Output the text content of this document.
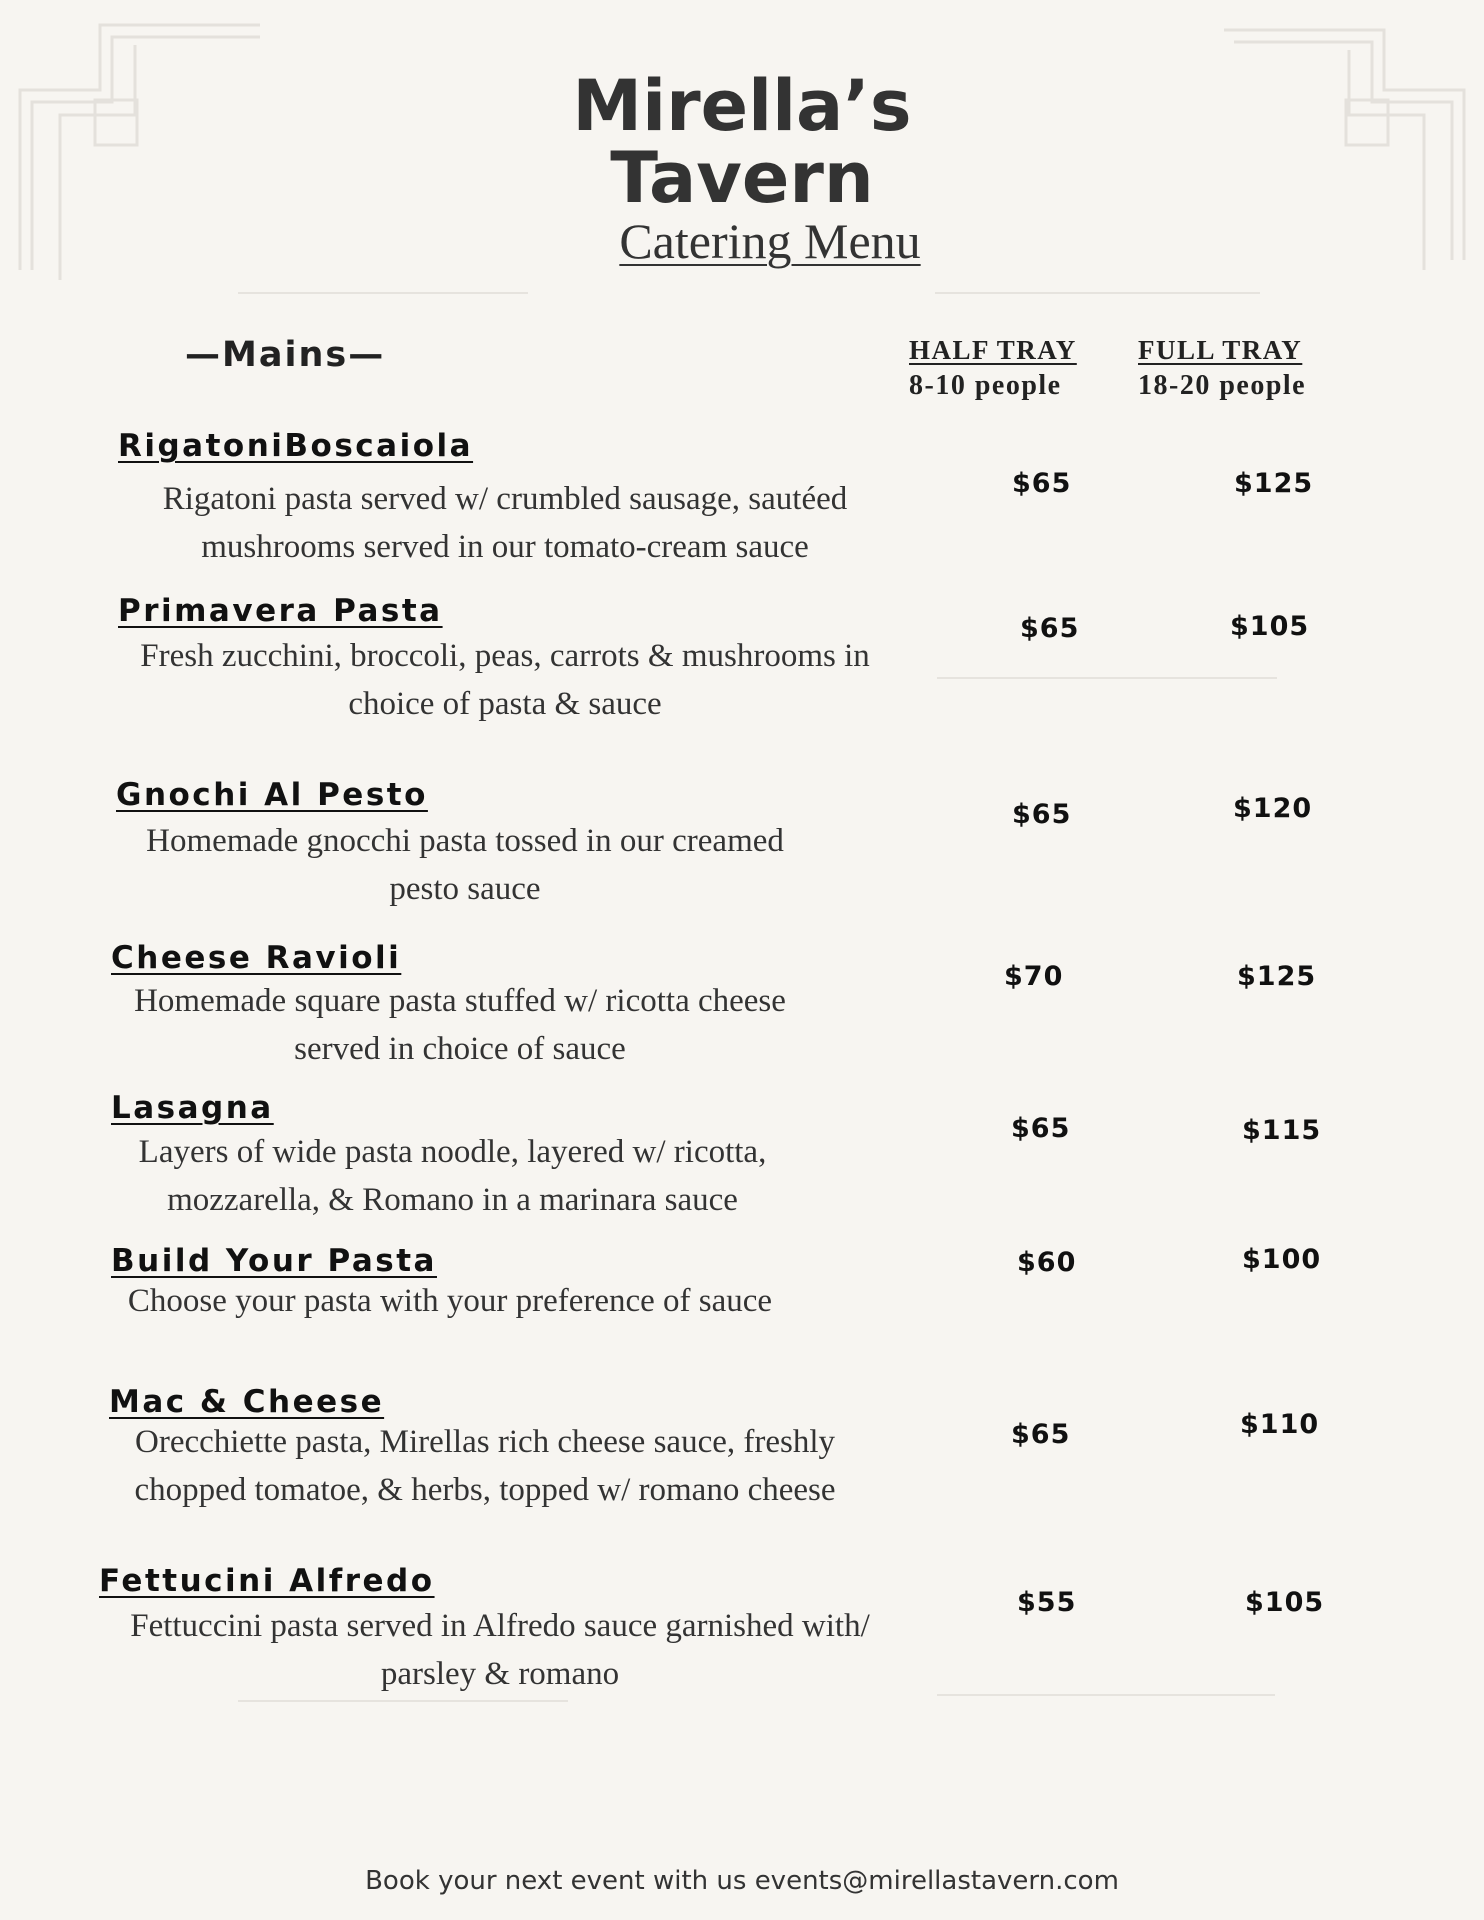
Mirella’s
Tavern
Catering Menu
—Mains—	HALF TRAY
8-10 people
FULL TRAY
18-20 people
RigatoniBoscaiola
Rigatoni pasta served w/ crumbled sausage, sautéed
mushrooms served in our tomato-cream sauce
$65	$125
Primavera Pasta
Fresh zucchini, broccoli, peas, carrots & mushrooms in
choice of pasta & sauce
$65	$105
Gnochi Al Pesto
Homemade gnocchi pasta tossed in our creamed
pesto sauce
$65	$120
Cheese Ravioli
Homemade square pasta stuffed w/ ricotta cheese
served in choice of sauce
$70	$125
Lasagna
Layers of wide pasta noodle, layered w/ ricotta,
mozzarella, & Romano in a marinara sauce
$65	$115
Build Your Pasta
Choose your pasta with your preference of sauce
$60	$100
Mac & Cheese
Orecchiette pasta, Mirellas rich cheese sauce, freshly
chopped tomatoe, & herbs, topped w/ romano cheese
$65	$110
Fettucini Alfredo
Fettuccini pasta served in Alfredo sauce garnished with/
parsley & romano
$55	$105
Book your next event with us events@mirellastavern.com
